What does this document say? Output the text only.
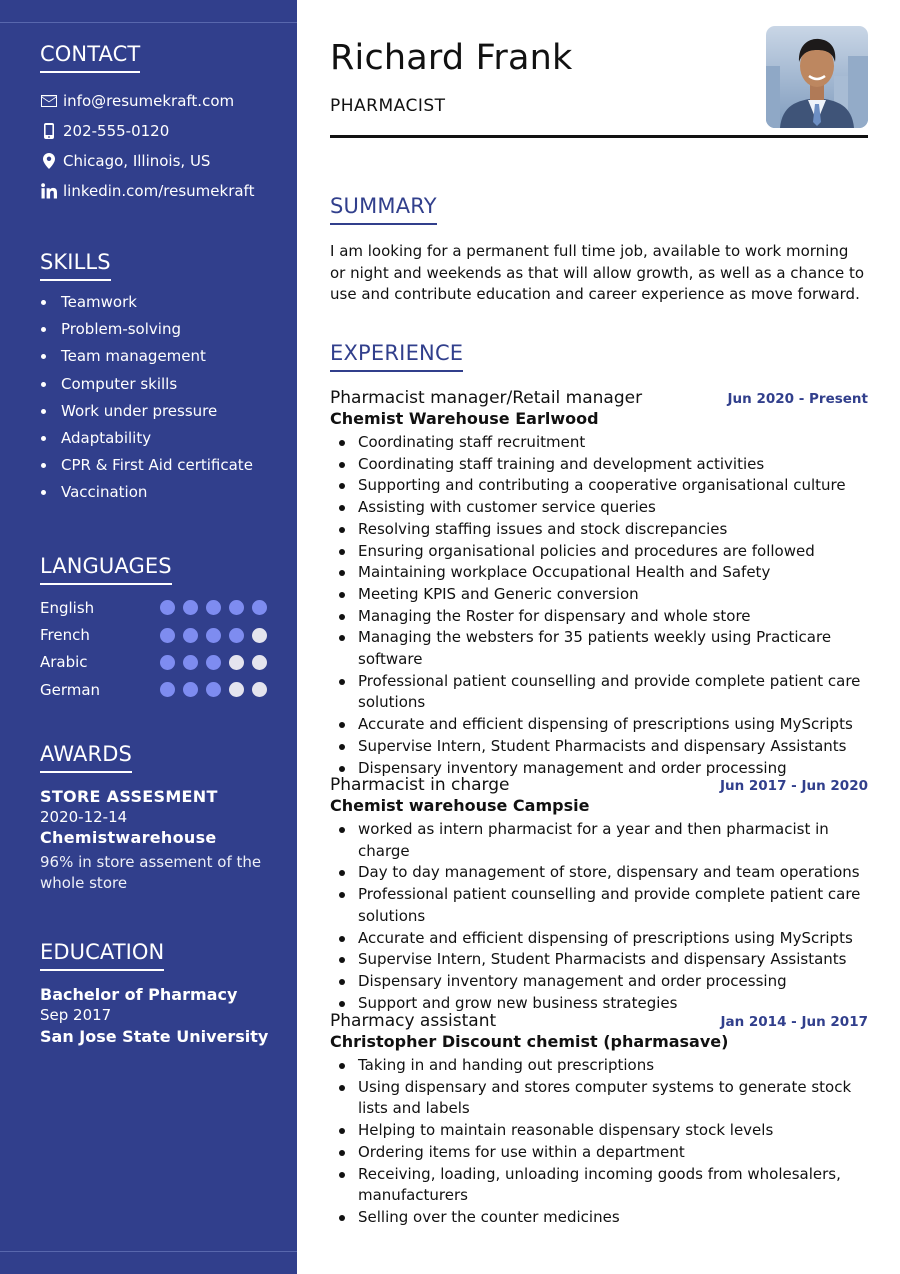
CONTACT
info@resumekraft.com
202-555-0120
Chicago, Illinois, US
linkedin.com/resumekraft
SKILLS
Teamwork
Problem-solving
Team management
Computer skills
Work under pressure
Adaptability
CPR & First Aid certificate
Vaccination
LANGUAGES
English
French
Arabic
German
AWARDS
STORE ASSESMENT
2020-12-14
Chemistwarehouse
96% in store assement of the whole store
EDUCATION
Bachelor of Pharmacy
Sep 2017
San Jose State University
Richard Frank
PHARMACIST
SUMMARY
I am looking for a permanent full time job, available to work morning or night and weekends as that will allow growth, as well as a chance to use and contribute education and career experience as move forward.
EXPERIENCE
Pharmacist manager/Retail manager	Jun 2020 - Present
Chemist Warehouse Earlwood
Coordinating staff recruitment
Coordinating staff training and development activities
Supporting and contributing a cooperative organisational culture
Assisting with customer service queries
Resolving staffing issues and stock discrepancies
Ensuring organisational policies and procedures are followed
Maintaining workplace Occupational Health and Safety
Meeting KPIS and Generic conversion
Managing the Roster for dispensary and whole store
Managing the websters for 35 patients weekly using Practicare software
Professional patient counselling and provide complete patient care solutions
Accurate and efficient dispensing of prescriptions using MyScripts
Supervise Intern, Student Pharmacists and dispensary Assistants
Dispensary inventory management and order processing
Pharmacist in charge	Jun 2017 - Jun 2020
Chemist warehouse Campsie
worked as intern pharmacist for a year and then pharmacist in charge
Day to day management of store, dispensary and team operations
Professional patient counselling and provide complete patient care solutions
Accurate and efficient dispensing of prescriptions using MyScripts
Supervise Intern, Student Pharmacists and dispensary Assistants
Dispensary inventory management and order processing
Support and grow new business strategies
Pharmacy assistant	Jan 2014 - Jun 2017
Christopher Discount chemist (pharmasave)
Taking in and handing out prescriptions
Using dispensary and stores computer systems to generate stock lists and labels
Helping to maintain reasonable dispensary stock levels
Ordering items for use within a department
Receiving, loading, unloading incoming goods from wholesalers, manufacturers
Selling over the counter medicines
